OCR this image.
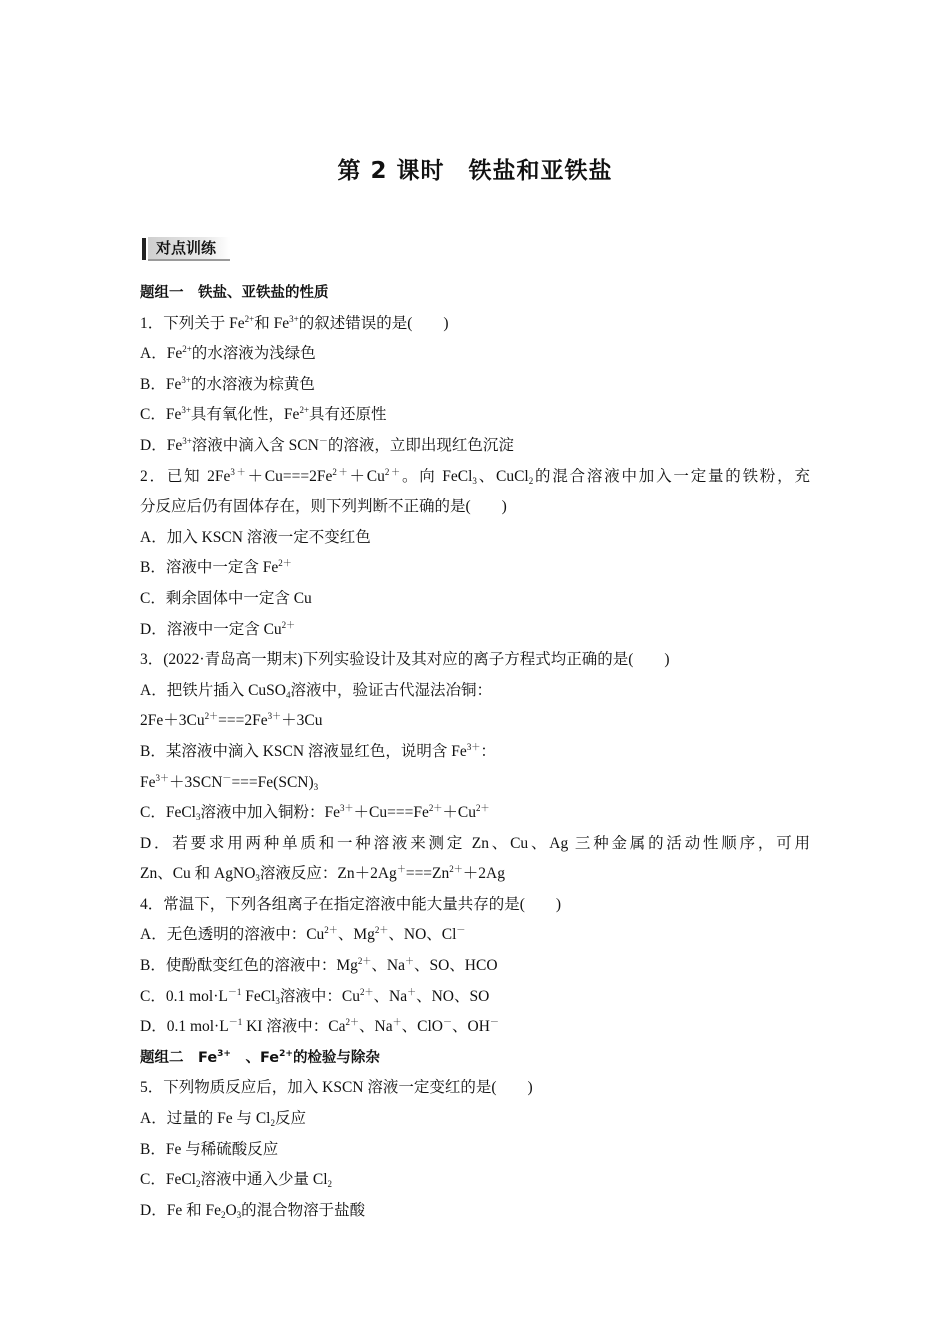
第 2 课时　铁盐和亚铁盐
对点训练
题组一　铁盐、亚铁盐的性质
1．下列关于 $Fe^{2+}$和 $Fe^{3+}$的叙述错误的是(　　)
A．$Fe^{2+}$的水溶液为浅绿色
B．$Fe^{3+}$的水溶液为棕黄色
C．$Fe^{3+}$具有氧化性，$Fe^{2+}$具有还原性
D．$Fe^{3+}$溶液中滴入含 SCN－的溶液，立即出现红色沉淀
2．已知 $2Fe^{3+}+Cu===2Fe^{2+}+Cu^{2+}$。向 FeCl$_3$、CuCl$_2$的混合溶液中加入一定量的铁粉，充
分反应后仍有固体存在，则下列判断不正确的是(　　)
A．加入 KSCN 溶液一定不变红色
B．溶液中一定含 $Fe^{2+}$
C．剩余固体中一定含 Cu
D．溶液中一定含 $Cu^{2+}$
3．(2022·青岛高一期末)下列实验设计及其对应的离子方程式均正确的是(　　)
A．把铁片插入 CuSO$_4$溶液中，验证古代湿法冶铜：
$2Fe+3Cu^{2+}===2Fe^{3+}+3Cu$
B．某溶液中滴入 KSCN 溶液显红色，说明含 $Fe^{3+}$：
$Fe^{3+}+3SCN^-===Fe(SCN)_3$
C．FeCl$_3$溶液中加入铜粉：$Fe^{3+}+Cu===Fe^{2+}+Cu^{2+}$
D．若要求用两种单质和一种溶液来测定 Zn、Cu、Ag 三种金属的活动性顺序，可用
Zn、Cu 和 AgNO$_3$溶液反应：$Zn+2Ag^+===Zn^{2+}+2Ag$
4．常温下，下列各组离子在指定溶液中能大量共存的是(　　)
A．无色透明的溶液中：$Cu^{2+}$、$Mg^{2+}$、NO、Cl－
B．使酚酞变红色的溶液中：$Mg^{2+}$、Na＋、SO、HCO
C．0.1 $mol\cdot L^{-1}$ FeCl$_3$溶液中：$Cu^{2+}$、Na＋、NO、SO
D．0.1 $mol\cdot L^{-1}$ KI 溶液中：$Ca^{2+}$、Na＋、ClO－、OH－
题组二　$Fe^{3+}$　、$Fe^{2+}$的检验与除杂
5．下列物质反应后，加入 KSCN 溶液一定变红的是(　　)
A．过量的 Fe 与 $Cl_2$反应
B．Fe 与稀硫酸反应
C．FeCl$_2$溶液中通入少量 $Cl_2$
D．Fe 和 $Fe_2O_3$的混合物溶于盐酸
